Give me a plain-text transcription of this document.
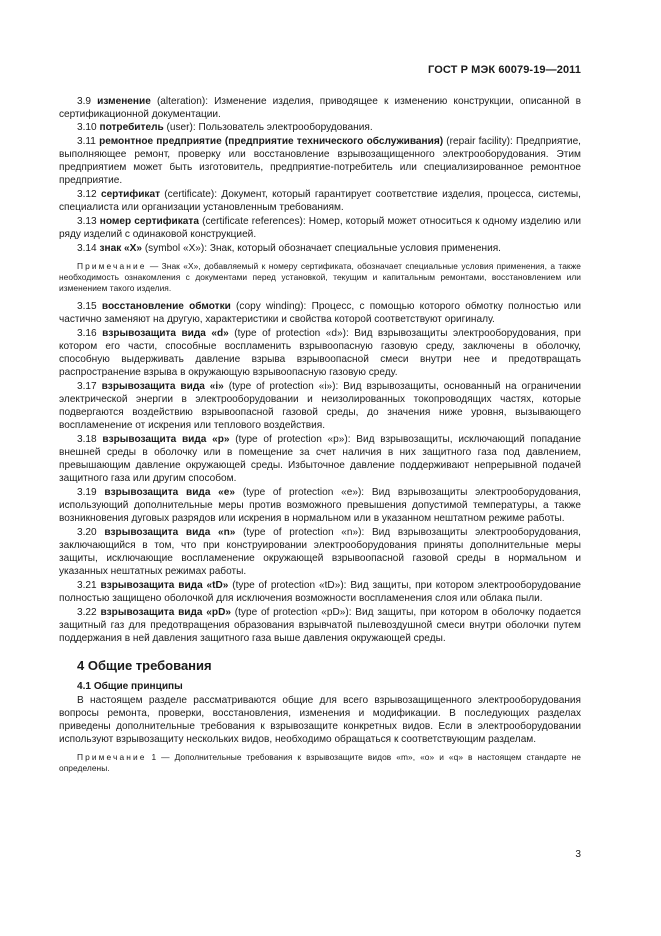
ГОСТ Р МЭК 60079-19—2011

3.9 изменение (alteration): Изменение изделия, приводящее к изменению конструкции, описанной в сертификационной документации.

3.10 потребитель (user): Пользователь электрооборудования.

3.11 ремонтное предприятие (предприятие технического обслуживания) (repair facility): Предприятие, выполняющее ремонт, проверку или восстановление взрывозащищенного электрооборудования. Этим предприятием может быть изготовитель, предприятие-потребитель или специализированное ремонтное предприятие.

3.12 сертификат (certificate): Документ, который гарантирует соответствие изделия, процесса, системы, специалиста или организации установленным требованиям.

3.13 номер сертификата (certificate references): Номер, который может относиться к одному изделию или ряду изделий с одинаковой конструкцией.

3.14 знак «X» (symbol «X»): Знак, который обозначает специальные условия применения.

Примечание — Знак «X», добавляемый к номеру сертификата, обозначает специальные условия применения, а также необходимость ознакомления с документами перед установкой, текущим и капитальным ремонтами, восстановлением или изменением такого изделия.

3.15 восстановление обмотки (copy winding): Процесс, с помощью которого обмотку полностью или частично заменяют на другую, характеристики и свойства которой соответствуют оригиналу.

3.16 взрывозащита вида «d» (type of protection «d»): Вид взрывозащиты электрооборудования, при котором его части, способные воспламенить взрывоопасную газовую среду, заключены в оболочку, способную выдерживать давление взрыва взрывоопасной смеси внутри нее и предотвращать распространение взрыва в окружающую взрывоопасную газовую среду.

3.17 взрывозащита вида «i» (type of protection «i»): Вид взрывозащиты, основанный на ограничении электрической энергии в электрооборудовании и неизолированных токопроводящих частях, которые подвергаются воздействию взрывоопасной газовой среды, до значения ниже уровня, вызывающего воспламенение от искрения или теплового воздействия.

3.18 взрывозащита вида «р» (type of protection «р»): Вид взрывозащиты, исключающий попадание внешней среды в оболочку или в помещение за счет наличия в них защитного газа под давлением, превышающим давление окружающей среды. Избыточное давление поддерживают непрерывной подачей защитного газа или другим способом.

3.19 взрывозащита вида «е» (type of protection «е»): Вид взрывозащиты электрооборудования, использующий дополнительные меры против возможного превышения допустимой температуры, а также возникновения дуговых разрядов или искрения в нормальном или в указанном нештатном режиме работы.

3.20 взрывозащита вида «n» (type of protection «n»): Вид взрывозащиты электрооборудования, заключающийся в том, что при конструировании электрооборудования приняты дополнительные меры защиты, исключающие воспламенение окружающей взрывоопасной газовой среды в нормальном и указанных нештатных режимах работы.

3.21 взрывозащита вида «tD» (type of protection «tD»): Вид защиты, при котором электрооборудование полностью защищено оболочкой для исключения возможности воспламенения слоя или облака пыли.

3.22 взрывозащита вида «pD» (type of protection «pD»): Вид защиты, при котором в оболочку подается защитный газ для предотвращения образования взрывчатой пылевоздушной смеси внутри оболочки путем поддержания в ней давления защитного газа выше давления окружающей среды.

4 Общие требования
4.1 Общие принципы

В настоящем разделе рассматриваются общие для всего взрывозащищенного электрооборудования вопросы ремонта, проверки, восстановления, изменения и модификации. В последующих разделах приведены дополнительные требования к взрывозащите конкретных видов. Если в электрооборудовании используют взрывозащиту нескольких видов, необходимо обращаться к соответствующим разделам.

Примечание 1 — Дополнительные требования к взрывозащите видов «m», «o» и «q» в настоящем стандарте не определены.
3
